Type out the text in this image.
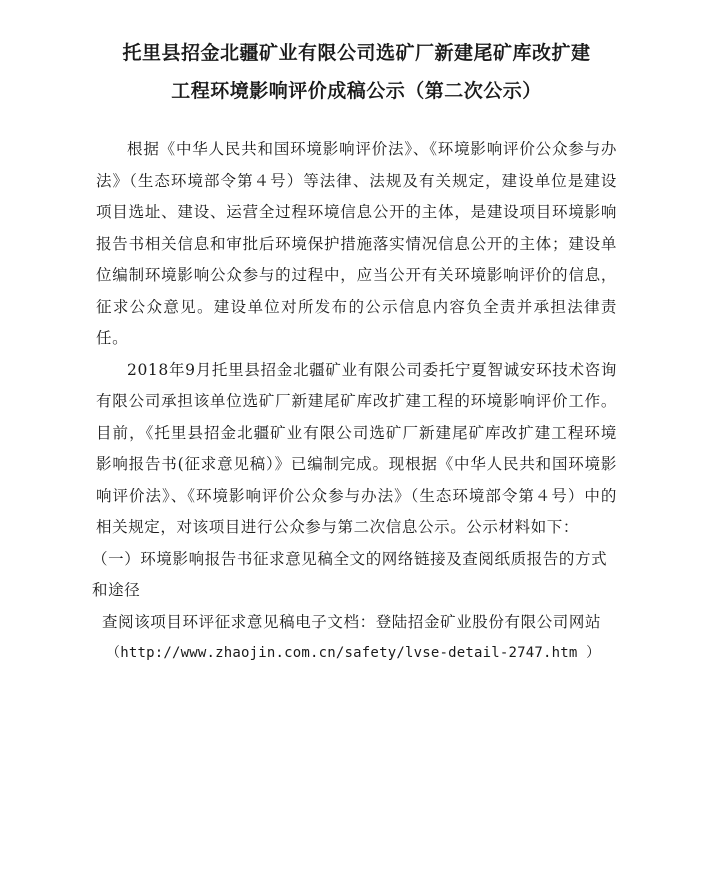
托里县招金北疆矿业有限公司选矿厂新建尾矿库改扩建
工程环境影响评价成稿公示（第二次公示）

根据《中华人民共和国环境影响评价法》、《环境影响评价公众参与办法》（生态环境部令第４号）等法律、法规及有关规定，建设单位是建设项目选址、建设、运营全过程环境信息公开的主体，是建设项目环境影响报告书相关信息和审批后环境保护措施落实情况信息公开的主体；建设单位编制环境影响公众参与的过程中，应当公开有关环境影响评价的信息，征求公众意见。建设单位对所发布的公示信息内容负全责并承担法律责任。

2018年9月托里县招金北疆矿业有限公司委托宁夏智诚安环技术咨询有限公司承担该单位选矿厂新建尾矿库改扩建工程的环境影响评价工作。目前，《托里县招金北疆矿业有限公司选矿厂新建尾矿库改扩建工程环境影响报告书(征求意见稿）》已编制完成。现根据《中华人民共和国环境影响评价法》、《环境影响评价公众参与办法》（生态环境部令第４号）中的相关规定，对该项目进行公众参与第二次信息公示。公示材料如下：

（一）环境影响报告书征求意见稿全文的网络链接及查阅纸质报告的方式和途径

查阅该项目环评征求意见稿电子文档：登陆招金矿业股份有限公司网站

（http://www.zhaojin.com.cn/safety/lvse-detail-2747.htm ）
